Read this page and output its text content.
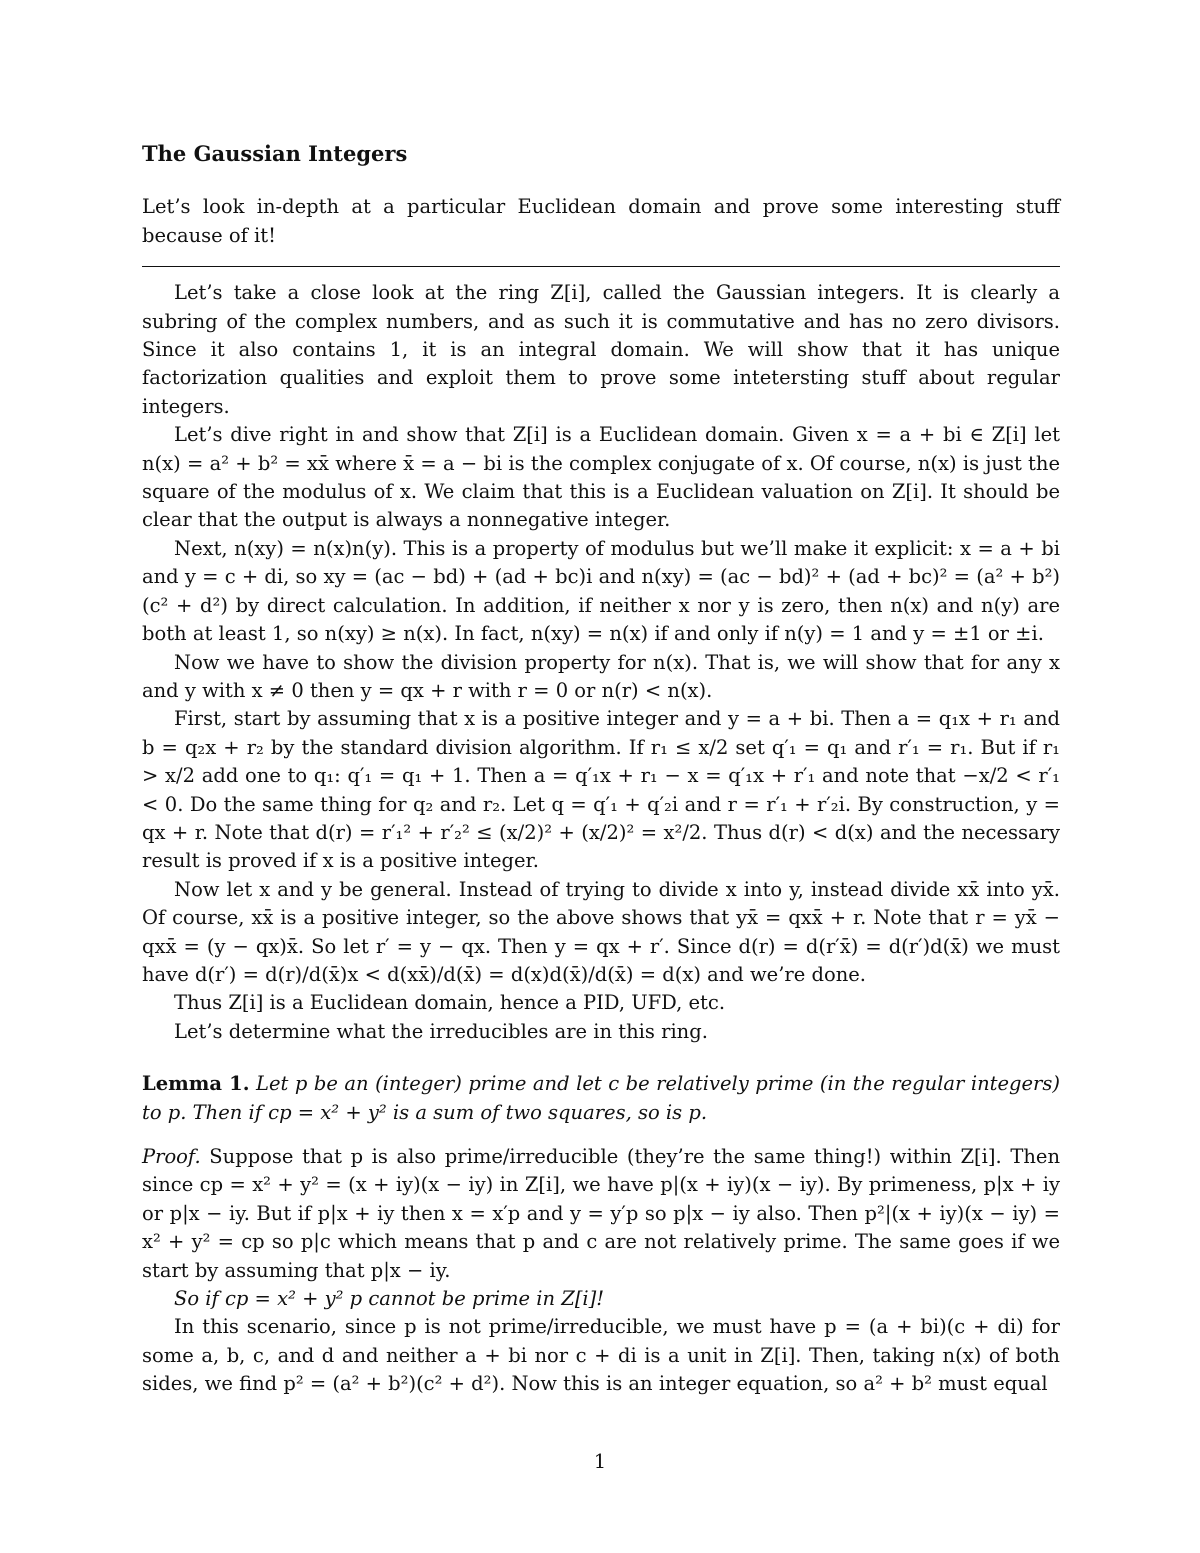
The Gaussian Integers

Let’s look in-depth at a particular Euclidean domain and prove some interesting stuff because of it!

Let’s take a close look at the ring Z[i], called the Gaussian integers. It is clearly a subring of the complex numbers, and as such it is commutative and has no zero divisors. Since it also contains 1, it is an integral domain. We will show that it has unique factorization qualities and exploit them to prove some intetersting stuff about regular integers.

Let’s dive right in and show that Z[i] is a Euclidean domain. Given x = a + bi ∈ Z[i] let n(x) = a² + b² = xx̄ where x̄ = a − bi is the complex conjugate of x. Of course, n(x) is just the square of the modulus of x. We claim that this is a Euclidean valuation on Z[i]. It should be clear that the output is always a nonnegative integer.

Next, n(xy) = n(x)n(y). This is a property of modulus but we’ll make it explicit: x = a + bi and y = c + di, so xy = (ac − bd) + (ad + bc)i and n(xy) = (ac − bd)² + (ad + bc)² = (a² + b²)(c² + d²) by direct calculation. In addition, if neither x nor y is zero, then n(x) and n(y) are both at least 1, so n(xy) ≥ n(x). In fact, n(xy) = n(x) if and only if n(y) = 1 and y = ±1 or ±i.

Now we have to show the division property for n(x). That is, we will show that for any x and y with x ≠ 0 then y = qx + r with r = 0 or n(r) < n(x).

First, start by assuming that x is a positive integer and y = a + bi. Then a = q₁x + r₁ and b = q₂x + r₂ by the standard division algorithm. If r₁ ≤ x/2 set q′₁ = q₁ and r′₁ = r₁. But if r₁ > x/2 add one to q₁: q′₁ = q₁ + 1. Then a = q′₁x + r₁ − x = q′₁x + r′₁ and note that −x/2 < r′₁ < 0. Do the same thing for q₂ and r₂. Let q = q′₁ + q′₂i and r = r′₁ + r′₂i. By construction, y = qx + r. Note that d(r) = r′₁² + r′₂² ≤ (x/2)² + (x/2)² = x²/2. Thus d(r) < d(x) and the necessary result is proved if x is a positive integer.

Now let x and y be general. Instead of trying to divide x into y, instead divide xx̄ into yx̄. Of course, xx̄ is a positive integer, so the above shows that yx̄ = qxx̄ + r. Note that r = yx̄ − qxx̄ = (y − qx)x̄. So let r′ = y − qx. Then y = qx + r′. Since d(r) = d(r′x̄) = d(r′)d(x̄) we must have d(r′) = d(r)/d(x̄)x < d(xx̄)/d(x̄) = d(x)d(x̄)/d(x̄) = d(x) and we’re done.

Thus Z[i] is a Euclidean domain, hence a PID, UFD, etc.

Let’s determine what the irreducibles are in this ring.

Lemma 1. Let p be an (integer) prime and let c be relatively prime (in the regular integers) to p. Then if cp = x² + y² is a sum of two squares, so is p.

Proof. Suppose that p is also prime/irreducible (they’re the same thing!) within Z[i]. Then since cp = x² + y² = (x + iy)(x − iy) in Z[i], we have p|(x + iy)(x − iy). By primeness, p|x + iy or p|x − iy. But if p|x + iy then x = x′p and y = y′p so p|x − iy also. Then p²|(x + iy)(x − iy) = x² + y² = cp so p|c which means that p and c are not relatively prime. The same goes if we start by assuming that p|x − iy.

So if cp = x² + y² p cannot be prime in Z[i]!

In this scenario, since p is not prime/irreducible, we must have p = (a + bi)(c + di) for some a, b, c, and d and neither a + bi nor c + di is a unit in Z[i]. Then, taking n(x) of both sides, we find p² = (a² + b²)(c² + d²). Now this is an integer equation, so a² + b² must equal

1
